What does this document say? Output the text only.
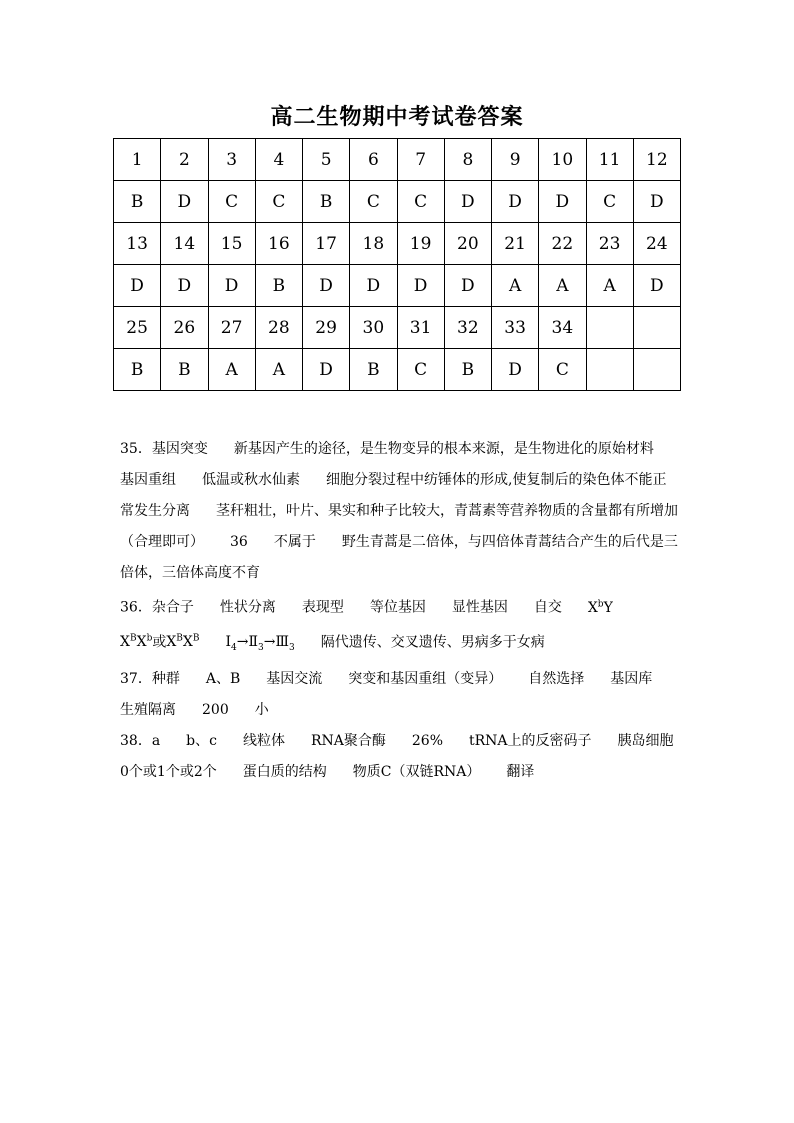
高二生物期中考试卷答案
1	2	3	4	5	6	7	8	9	10	11	12
B	D	C	C	B	C	C	D	D	D	C	D
13	14	15	16	17	18	19	20	21	22	23	24
D	D	D	B	D	D	D	D	A	A	A	D
25	26	27	28	29	30	31	32	33	34		
B	B	A	A	D	B	C	B	D	C		
35．基因突变 新基因产生的途径，是生物变异的根本来源，是生物进化的原始材料
基因重组 低温或秋水仙素 细胞分裂过程中纺锤体的形成,使复制后的染色体不能正
常发生分离 茎秆粗壮，叶片、果实和种子比较大，青蒿素等营养物质的含量都有所增加
（合理即可） 36 不属于 野生青蒿是二倍体，与四倍体青蒿结合产生的后代是三
倍体，三倍体高度不育
36．杂合子 性状分离 表现型 等位基因 显性基因 自交 $X^bY$
$X^BX^b$或$X^BX^B$ $Ⅰ_4\to Ⅱ_3\to Ⅲ_3$ 隔代遗传、交叉遗传、男病多于女病
37．种群 A、B 基因交流 突变和基因重组（变异） 自然选择 基因库
生殖隔离 200 小
38．a b、c 线粒体 RNA聚合酶 26% tRNA上的反密码子 胰岛细胞
0个或1个或2个 蛋白质的结构 物质C（双链RNA） 翻译
